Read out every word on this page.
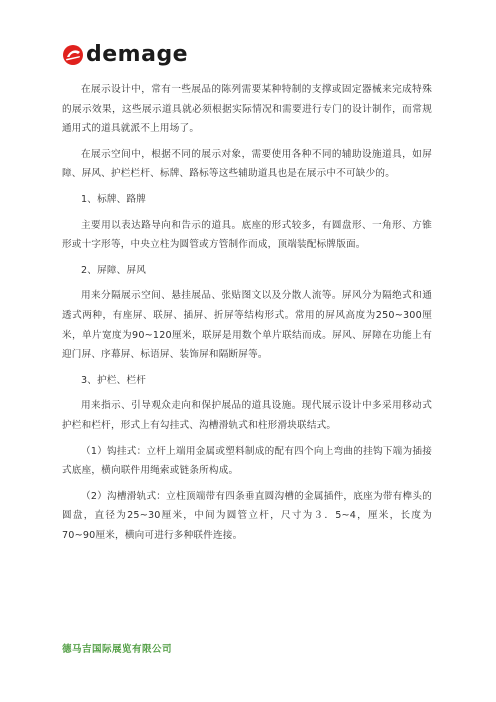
demage

在展示设计中，常有一些展品的陈列需要某种特制的支撑或固定器械来完成特殊的展示效果，这些展示道具就必须根据实际情况和需要进行专门的设计制作，而常规通用式的道具就派不上用场了。

在展示空间中，根据不同的展示对象，需要使用各种不同的辅助设施道具，如屏障、屏风、护栏栏杆、标牌、路标等这些辅助道具也是在展示中不可缺少的。

1、标牌、路牌

主要用以表达路导向和告示的道具。底座的形式较多，有圆盘形、一角形、方锥形或十字形等，中央立柱为圆管或方管制作而成，顶端装配标牌版面。

2、屏障、屏风

用来分隔展示空间、悬挂展品、张贴图文以及分散人流等。屏风分为隔绝式和通透式两种，有座屏、联屏、插屏、折屏等结构形式。常用的屏风高度为250~300厘米，单片宽度为90~120厘米，联屏是用数个单片联结而成。屏风、屏障在功能上有迎门屏、序幕屏、标语屏、装饰屏和隔断屏等。

3、护栏、栏杆

用来指示、引导观众走向和保护展品的道具设施。现代展示设计中多采用移动式护栏和栏杆，形式上有勾挂式、沟槽滑轨式和柱形滑块联结式。

（1）钩挂式：立杆上端用金属或塑料制成的配有四个向上弯曲的挂钩下端为插接式底座，横向联件用绳索或链条所构成。

（2）沟槽滑轨式：立柱顶端带有四条垂直圆沟槽的金属插件，底座为带有榫头的圆盘，直径为25~30厘米，中间为圆管立杆，尺寸为３．5~4，厘米，长度为70~90厘米，横向可进行多种联件连接。

德马吉国际展览有限公司
